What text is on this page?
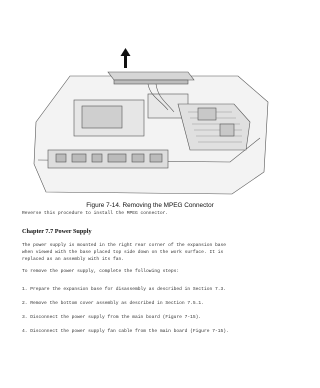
Figure 7-14. Removing the MPEG Connector
Reverse this procedure to install the MPEG connector.
Chapter 7.7 Power Supply
The power supply is mounted in the right rear corner of the expansion base
when viewed with the base placed top side down on the work surface. It is
replaced as an assembly with its fan.
To remove the power supply, complete the following steps:
1. Prepare the expansion base for disassembly as described in Section 7.3.
2. Remove the bottom cover assembly as described in Section 7.5.1.
3. Disconnect the power supply from the main board (Figure 7-15).
4. Disconnect the power supply fan cable from the main board (Figure 7-15).
